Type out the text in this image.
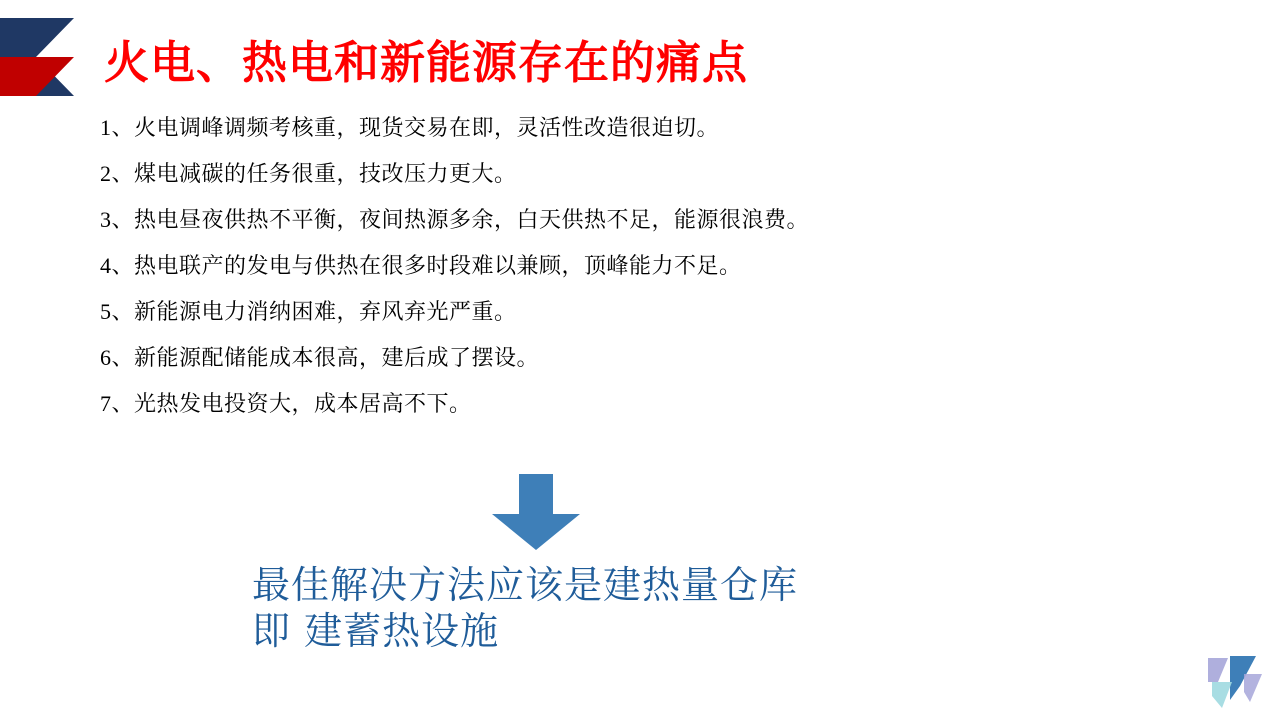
火电、热电和新能源存在的痛点
1、火电调峰调频考核重，现货交易在即，灵活性改造很迫切。
2、煤电减碳的任务很重，技改压力更大。
3、热电昼夜供热不平衡，夜间热源多余，白天供热不足，能源很浪费。
4、热电联产的发电与供热在很多时段难以兼顾，顶峰能力不足。
5、新能源电力消纳困难，弃风弃光严重。
6、新能源配储能成本很高，建后成了摆设。
7、光热发电投资大，成本居高不下。
最佳解决方法应该是建热量仓库
即 建蓄热设施
